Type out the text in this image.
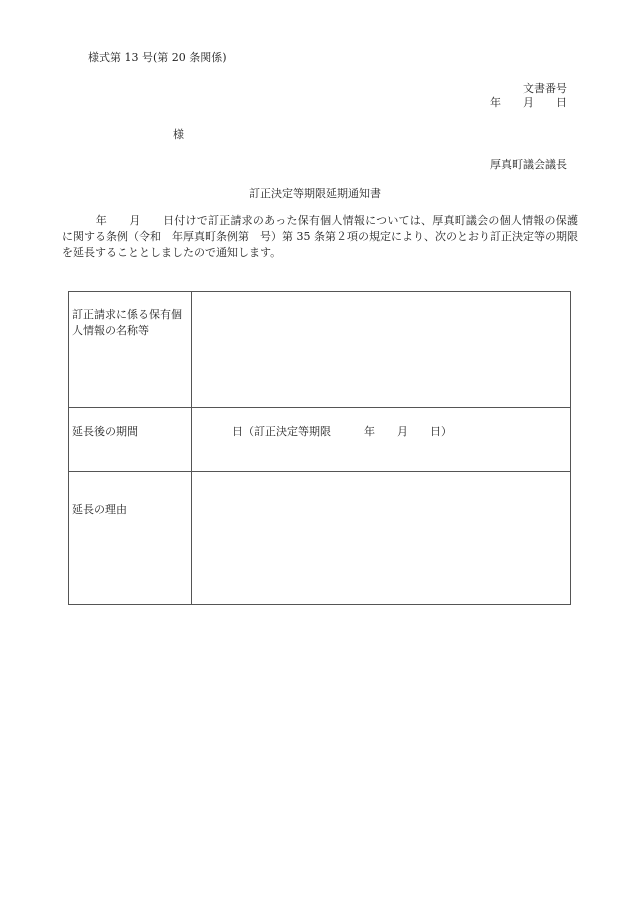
様式第 13 号(第 20 条関係)
文書番号
年　　月　　日
様
厚真町議会議長
訂正決定等期限延期通知書
　　　年　　月　　日付けで訂正請求のあった保有個人情報については、厚真町議会の個人情報の保護に関する条例（令和　年厚真町条例第　号）第 35 条第２項の規定により、次のとおり訂正決定等の期限を延長することとしましたので通知します。
訂正請求に係る保有個人情報の名称等	

延長後の期間	日（訂正決定等期限　　　年　　月　　日）

延長の理由	
